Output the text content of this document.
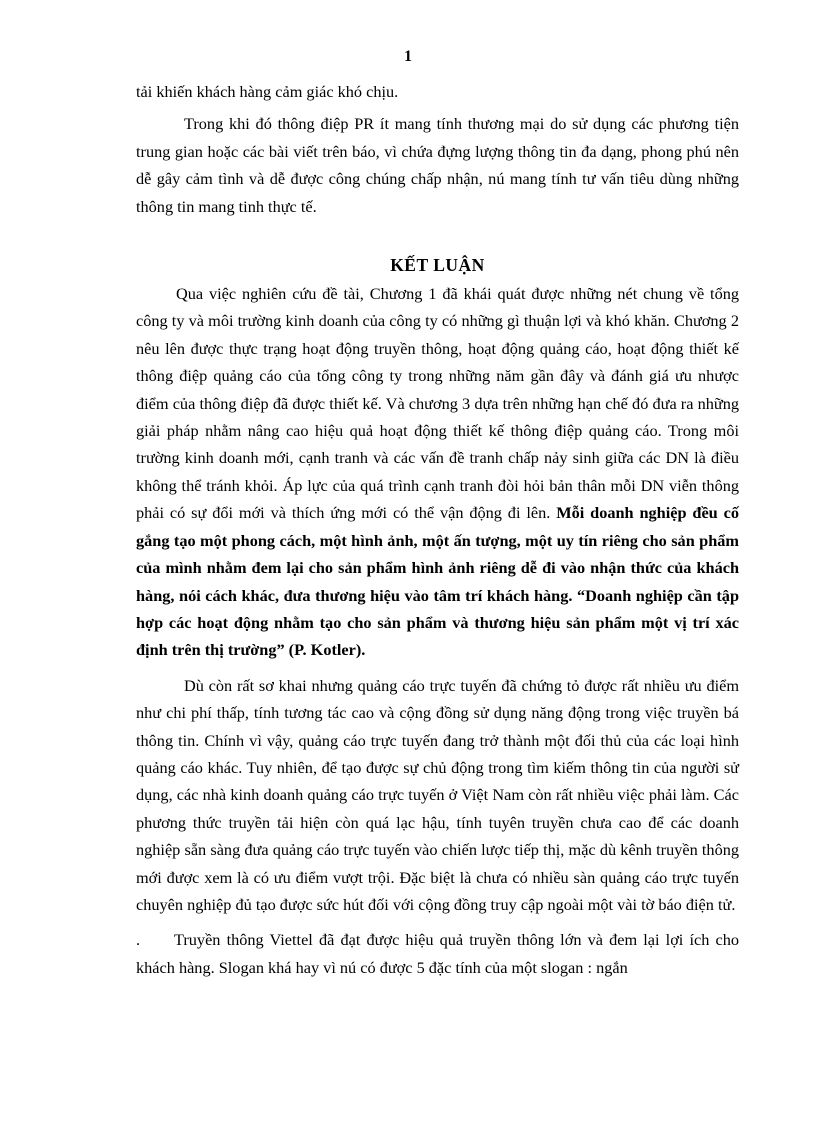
1

tải khiến khách hàng cảm giác khó chịu.

Trong khi đó thông điệp PR ít mang tính thương mại do sử dụng các phương tiện trung gian hoặc các bài viết trên báo, vì chứa đựng lượng thông tin đa dạng, phong phú nên dễ gây cảm tình và dễ được công chúng chấp nhận, nú mang tính tư vấn tiêu dùng những thông tin mang tinh thực tế.

KẾT LUẬN

Qua việc nghiên cứu đề tài, Chương 1 đã khái quát được những nét chung về tổng công ty và môi trường kinh doanh của công ty có những gì thuận lợi và khó khăn. Chương 2 nêu lên được thực trạng hoạt động truyền thông, hoạt động quảng cáo, hoạt động thiết kế thông điệp quảng cáo của tổng công ty trong những năm gần đây và đánh giá ưu nhược điểm của thông điệp đã được thiết kế. Và chương 3 dựa trên những hạn chế đó đưa ra những giải pháp nhằm nâng cao hiệu quả hoạt động thiết kế thông điệp quảng cáo. Trong môi trường kinh doanh mới, cạnh tranh và các vấn đề tranh chấp nảy sinh giữa các DN là điều không thể tránh khỏi. Áp lực của quá trình cạnh tranh đòi hỏi bản thân mỗi DN viễn thông phải có sự đổi mới và thích ứng mới có thể vận động đi lên. Mỗi doanh nghiệp đều cố gắng tạo một phong cách, một hình ảnh, một ấn tượng, một uy tín riêng cho sản phẩm của mình nhằm đem lại cho sản phẩm hình ảnh riêng dễ đi vào nhận thức của khách hàng, nói cách khác, đưa thương hiệu vào tâm trí khách hàng. “Doanh nghiệp cần tập hợp các hoạt động nhằm tạo cho sản phẩm và thương hiệu sản phẩm một vị trí xác định trên thị trường” (P. Kotler).

Dù còn rất sơ khai nhưng quảng cáo trực tuyến đã chứng tỏ được rất nhiều ưu điểm như chi phí thấp, tính tương tác cao và cộng đồng sử dụng năng động trong việc truyền bá thông tin. Chính vì vậy, quảng cáo trực tuyến đang trở thành một đối thủ của các loại hình quảng cáo khác. Tuy nhiên, để tạo được sự chủ động trong tìm kiếm thông tin của người sử dụng, các nhà kinh doanh quảng cáo trực tuyến ở Việt Nam còn rất nhiều việc phải làm. Các phương thức truyền tải hiện còn quá lạc hậu, tính tuyên truyền chưa cao để các doanh nghiệp sẵn sàng đưa quảng cáo trực tuyến vào chiến lược tiếp thị, mặc dù kênh truyền thông mới được xem là có ưu điểm vượt trội. Đặc biệt là chưa có nhiều sàn quảng cáo trực tuyến chuyên nghiệp đủ tạo được sức hút đối với cộng đồng truy cập ngoài một vài tờ báo điện tử.

. Truyền thông Viettel đã đạt được hiệu quả truyền thông lớn và đem lại lợi ích cho khách hàng. Slogan khá hay vì nú có được 5 đặc tính của một slogan : ngắn
